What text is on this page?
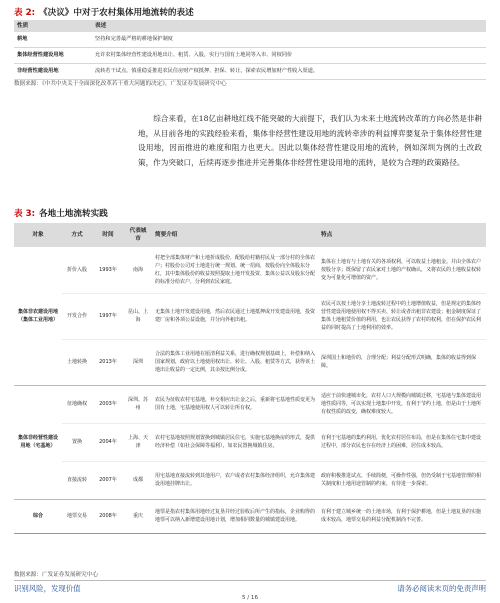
表 2: 《决议》中对于农村集体用地流转的表述
性质	表述
耕地	坚持和完善最严格的耕地保护制度
集体经营性建设用地	允许农村集体经营性建设用地出让、租赁、入股，实行与国有土地同等入市、同权同价
非经营性建设用地	流转若干试点，慎重稳妥推进农民住房财产权抵押、担保、转让，探索农民增加财产性收入渠道。
数据来源：《中共中央关于全面深化改革若干重大问题的决定》，广发证券发展研究中心

综合来看，在18亿亩耕地红线不能突破的大前提下，我们认为未来土地流转改革的方向必然是非耕地，从目前各地的实践经验来看，集体非经营性建设用地的流转牵涉的利益博弈要复杂于集体经营性建设用地，因而推进的难度和阻力也更大。因此以集体经营性建设用地的流转，例如深圳为例的土改政策，作为突破口，后续再逐步推进并完善集体非经营性建设用地的流转，是较为合理的政策路径。

表 3: 各地土地流转实践
对象	方式	时间	代表城市	简要介绍	特点
集体非农建设用地（集体工业用地）	折价入股	1993年	南海	村把全部集体财产和土地折成股份，配股给村籍村民及一部分村的全体农户；村股份公司对土地进行统一规划、统一招商，按股份向全体股东分红，其中集体股份的收益按照提取土地开发投资、集体公益以及股东分配的标准分给农户，分利到农民家庭。	集体在土地有与土地有关的各项权利，可以收益土地租金。并由全体农户按股分享；既保留了农民家对土地的产权确认，又将农民的土地收益权转变为可量化可增值的资产。
	开发合作	1997年	昆山、上海	无集体土地开发建设用地，然后农民通过土地抵押或开发建设用地，投资建厂房和各项公益设施，并分向外租出租。	农民可以按土地分享土地流转过程中的土地增值收益，但是规定的集体经营性建设用地使用权不得买卖、转让或者出租非农建设；租金制度保证了集体土地租赁价值的利用，也让农民获得了农村的权利，但在保护农民利益的同时提高了土地利用的效率。
	土地转换	2013年	深圳	合法的集体工业用地在厘清利益关系，进行确权规划基础上，补偿和纳入国家规划，政府以土地使用权出让、转让、入股、租赁等方式，获得该土地出让收益的一定比例，其余按比例分成。	深圳国土和地价的，合理分配；利益分配形式明确，集体的收益得到保障。
集体非经营性建设用地（宅基地）	征地确权	2003年	深圳、苏州	农民为征收农村宅基地，补交相应出让金之后，重新将宅基地性质变更为国有土地，宅基地使用权人可以转让所有权。	适应于前快速城市化，农村人口大规模向城镇迁移，宅基地与集体建设用地性质同等，可以实现土地集中开发，有利于节约土地，但是由于土地所有权性质的改变，确权难度较大。
	置换	2004年	上海、天津	农村宅基地按照规划置换到城镇居民住宅，实施宅基地换房的形式，提供经济补偿（如社会保障等福利），如农民置换城镇住房。	有利于宅基地的集约利用，优化农村居住布局，但是在集体住宅集中建设过程中，部分农民也存在经济上的困难，居住成本较高。
	直接流转	2007年	成都	用宅基地直接流转到其他用户，农户或者农村集体经济组织，允许集体建设用地挂牌出让。	政府积极推进试点，手续简便，可操作性强，但仍受制于宅基地管理的相关制度和土地用途管制的约束，有待进一步探索。
综合	地票交易	2008年	重庆	地票是指农村集体用地经过复垦并经过验收后所产生的指标，企业购得的地票可以纳入新增建设用地计划，增加相同数量的城镇建设用地。	有利于建立城乡统一的土地市场，有利于保护耕地，但是土地复垦的实施成本较高，地票交易的利益分配机制尚不完善。
数据来源：广发证券发展研究中心
识别风险，发现价值	请务必阅读末页的免责声明
5 / 16
